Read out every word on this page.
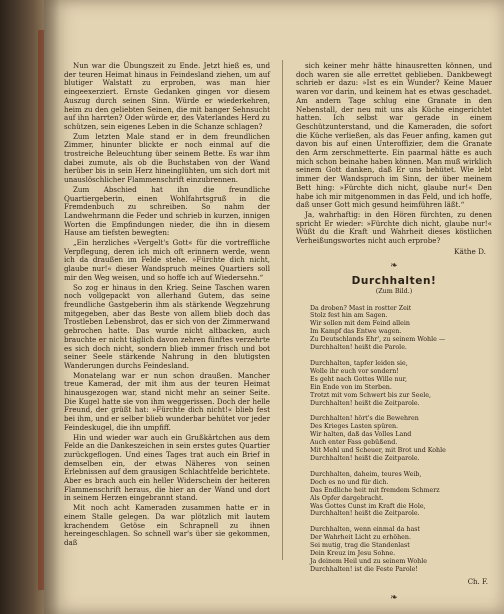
Nun war die Übungszeit zu Ende. Jetzt hieß es, und der teuren Heimat hinaus in Feindesland ziehen, um auf blutiger Walstatt zu erproben, was man hier eingeexerziert. Ernste Gedanken gingen vor diesem Auszug durch seinen Sinn. Würde er wiederkehren, heim zu den geliebten Seinen, die mit banger Sehnsucht auf ihn harrten? Oder würde er, des Vaterlandes Herd zu schützen, sein eigenes Leben in die Schanze schlagen?

Zum letzten Male stand er in dem freundlichen Zimmer, hinunter blickte er noch einmal auf die trostreiche Beleuchtung über seinem Bette. Es war ihm dabei zumute, als ob die Buchstaben von der Wand herüber bis in sein Herz hineinglühten, um sich dort mit unauslöschlicher Flammenschrift einzubrennen.

Zum Abschied hat ihn die freundliche Quartiergeberin, einen Wohlfahrtsgruß in die Fremdenbuch zu schreiben. So nahm der Landwehrmann die Feder und schrieb in kurzen, innigen Worten die Empfindungen nieder, die ihn in diesem Hause am tiefsten bewegten:

„Ein herzliches »Vergelt's Gott« für die vortreffliche Verpflegung, deren ich mich oft erinnern werde, wenn ich da draußen im Felde stehe. »Fürchte dich nicht, glaube nur!« dieser Wandspruch meines Quartiers soll mir den Weg weisen, und so hoffe ich auf Wiedersehn.“

So zog er hinaus in den Krieg. Seine Taschen waren noch vollgepackt von allerhand Gutem, das seine freundliche Gastgeberin ihm als stärkende Wegzehrung mitgegeben, aber das Beste von allem blieb doch das Trostleben Lebensbrot, das er sich von der Zimmerwand gebrochen hatte. Das wurde nicht altbacken, auch brauchte er nicht täglich davon zehren fünftes verzehrte es sich doch nicht, sondern blieb immer frisch und bot seiner Seele stärkende Nahrung in den blutigsten Wanderungen durchs Feindesland.

Monatelang war er nun schon draußen. Mancher treue Kamerad, der mit ihm aus der teuren Heimat hinausgezogen war, stand nicht mehr an seiner Seite. Die Kugel hatte sie von ihm weggerissen. Doch der helle Freund, der grüßt hat: »Fürchte dich nicht!« blieb fest bei ihm, und er selber blieb wunderbar behütet vor jeder Feindeskugel, die ihn umpfiff.

Hin und wieder war auch ein Grußkärtchen aus dem Felde an die Dankeszeichen in sein erstes gutes Quartier zurückgeflogen. Und eines Tages trat auch ein Brief in demselben ein, der etwas Näheres von seinen Erlebnissen auf dem grausigen Schlachtfelde berichtete. Aber es brach auch ein heller Widerschein der heiteren Flammenschrift heraus, die hier an der Wand und dort in seinem Herzen eingebrannt stand.

Mit noch acht Kameraden zusammen hatte er in einem Stalle gelegen. Da war plötzlich mit lautem krachendem Getöse ein Schrapnell zu ihnen hereingeschlagen. So schnell war's über sie gekommen, daß

sich keiner mehr hätte hinausretten können, und doch waren sie alle errettet geblieben. Dankbewegt schrieb er dazu: »Ist es ein Wunder? Keine Mauer waren vor darin, und keinem hat es etwas geschadet. Am andern Tage schlug eine Granate in den Nebenstall, der neu mit uns als Küche eingerichtet hatten. Ich selbst war gerade in einem Geschützunterstand, und die Kameraden, die sofort die Küche verließen, als das Feuer anfing, kamen gut davon bis auf einen Unteroffizier, dem die Granate den Arm zerschmetterte. Ein paarmal hätte es auch mich schon beinahe haben können. Man muß wirklich seinem Gott danken, daß Er uns behütet. Wie lebt immer der Wandspruch im Sinn, der über meinem Bett hing: »Fürchte dich nicht, glaube nur!« Den habe ich mir mitgenommen in das Feld, und ich hoffe, daß unser Gott mich gesund heimführen läßt.“

Ja, wahrhaftig: in den Hören fürchten, zu denen spricht Er wieder: »Fürchte dich nicht, glaube nur!« Wüßt du die Kraft und Wahrheit dieses köstlichen Verheißungswortes nicht auch erprobe?

Käthe D.
❧
Durchhalten!
(Zum Bild.)
Da droben? Mast in rostter Zeit
Stolz fest hin am Sagen.
Wir sollen mit dem Feind allein
Im Kampf das Entwe wagen.
Zu Deutschlands Ehr', zu seinem Wohle —
Durchhalten! heißt die Parole.
Durchhalten, tapfer leiden sie,
Wolle ihr euch vor sondern!
Es geht nach Gottes Wille nur,
Ein Ende von im Sterben.
Trotzt mit vom Schwert bis zur Seele,
Durchhalten! heißt die Zeitparole.
Durchhalten! hört's die Bewehren
Des Krieges Lasten spüren.
Wir halten, daß das Volles Land
Auch enter Fass gebüßend.
Mit Mehl und Scheuer, mit Brot und Kohle
Durchhalten! heißt die Zeitparole.
Durchhalten, daheim, teures Weib,
Doch es no und für dich.
Das Endliche heit mit fremdem Schmerz
Als Opfer dargebracht.
Was Gottes Cunst im Kraft die Hole,
Durchhalten! heißt die Zeitparole.
Durchhalten, wenn einmal da hast
Der Wahrheit Licht zu erhöhen.
Sei mutig, trag die Standenlast
Dein Kreuz im Jesu Sohne.
Ja deinem Heil und zu seinem Wohle
Durchhalten! ist die Feste Parole!
Ch. F.
❧
